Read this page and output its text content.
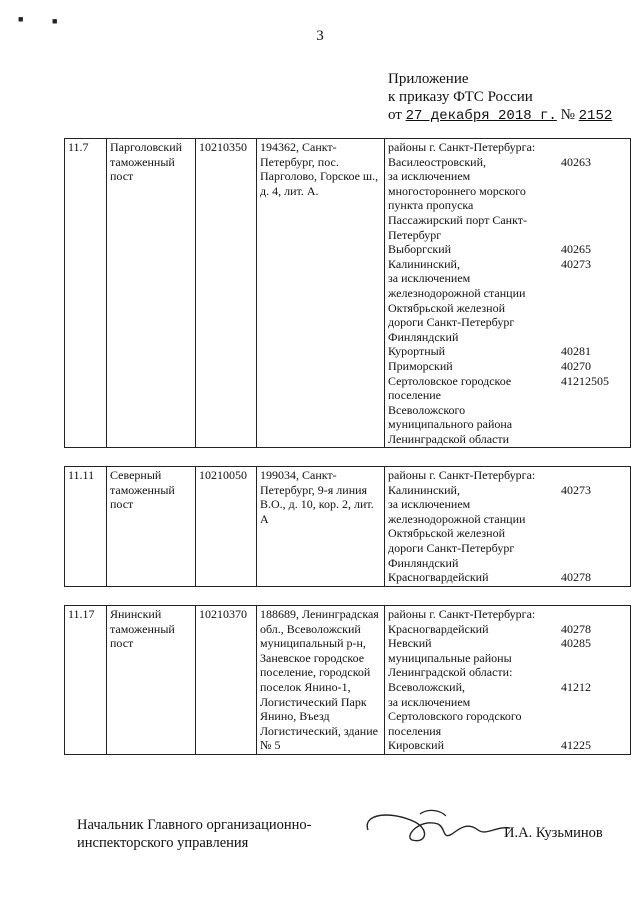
3
■	■
Приложение
к приказу ФТС России
от 27 декабря 2018 г. № 2152
11.7	Парголовский таможенный пост	10210350	194362, Санкт-Петербург, пос. Парголово, Горское ш., д. 4, лит. А.	
районы г. Санкт-Петербурга:
Василеостровский,	40263
за исключением
многостороннего морского
пункта пропуска
Пассажирский порт Санкт-
Петербург
Выборгский	40265
Калининский,	40273
за исключением
железнодорожной станции
Октябрьской железной
дороги Санкт-Петербург
Финляндский
Курортный	40281
Приморский	40270
Сертоловское городское	41212505
поселение
Всеволожского
муниципального района
Ленинградской области
11.11	Северный таможенный пост	10210050	199034, Санкт-Петербург, 9-я линия В.О., д. 10, кор. 2, лит. А	
районы г. Санкт-Петербурга:
Калининский,	40273
за исключением
железнодорожной станции
Октябрьской железной
дороги Санкт-Петербург
Финляндский
Красногвардейский	40278
11.17	Янинский таможенный пост	10210370	188689, Ленинградская обл., Всеволожский муниципальный р-н, Заневское городское поселение, городской поселок Янино-1, Логистический Парк Янино, Въезд Логистический, здание № 5	
районы г. Санкт-Петербурга:
Красногвардейский	40278
Невский	40285
муниципальные районы
Ленинградской области:
Всеволожский,	41212
за исключением
Сертоловского городского
поселения
Кировский	41225
Начальник Главного организационно-
инспекторского управления
И.А. Кузьминов
